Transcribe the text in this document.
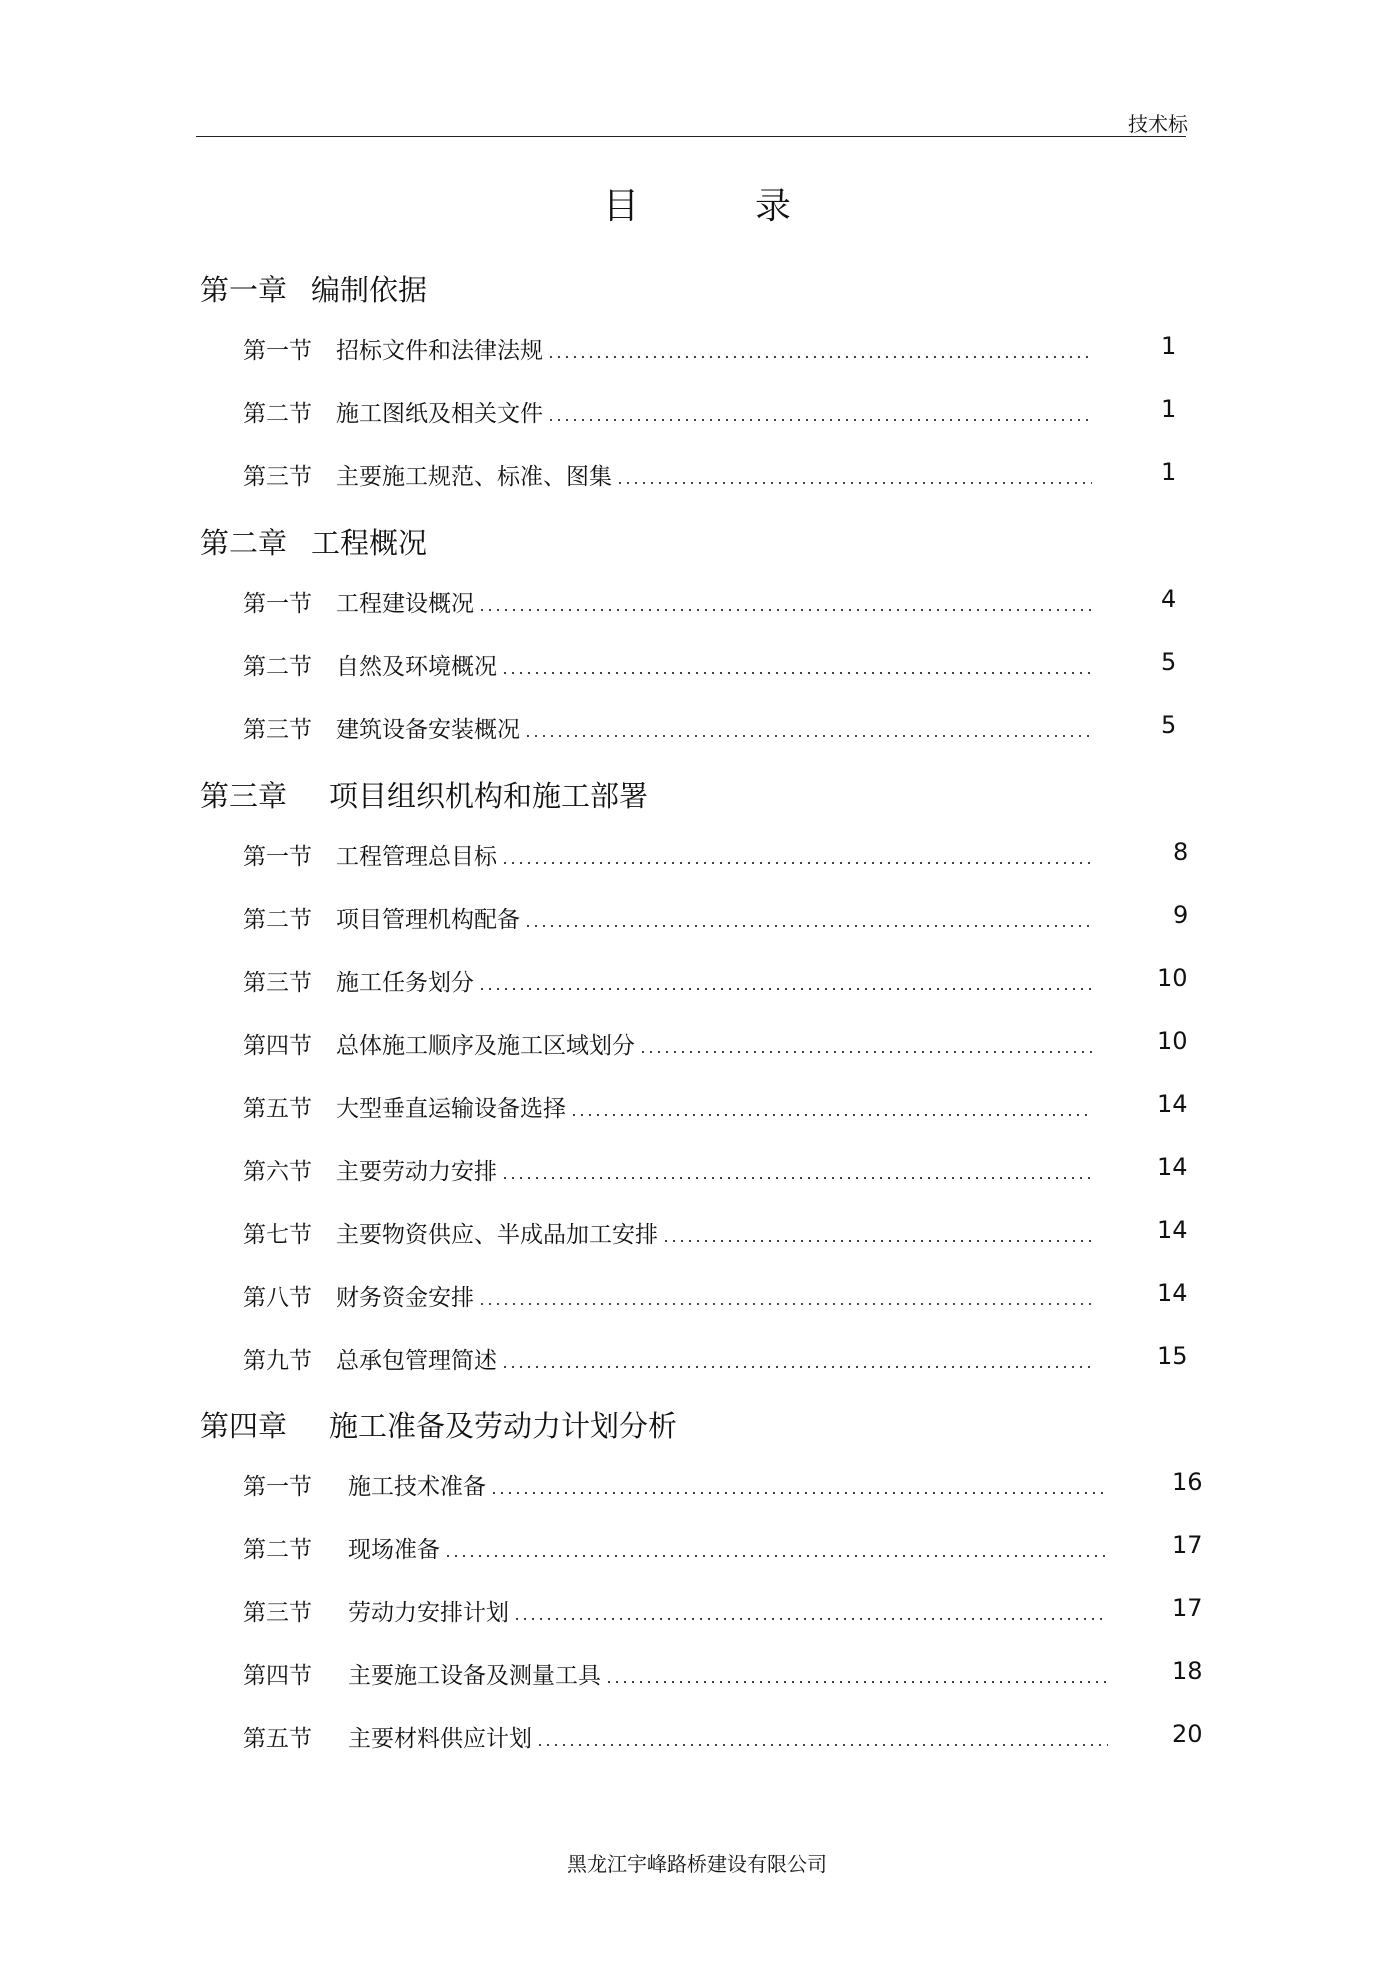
技术标
目　录
第一章 编制依据
第一节 招标文件和法律法规	1
第二节 施工图纸及相关文件	1
第三节 主要施工规范、标准、图集	1
第二章 工程概况
第一节 工程建设概况	4
第二节 自然及环境概况	5
第三节 建筑设备安装概况	5
第三章 项目组织机构和施工部署
第一节 工程管理总目标	8
第二节 项目管理机构配备	9
第三节 施工任务划分	10
第四节 总体施工顺序及施工区域划分	10
第五节 大型垂直运输设备选择	14
第六节 主要劳动力安排	14
第七节 主要物资供应、半成品加工安排	14
第八节 财务资金安排	14
第九节 总承包管理简述	15
第四章 施工准备及劳动力计划分析
第一节 施工技术准备	16
第二节 现场准备	17
第三节 劳动力安排计划	17
第四节 主要施工设备及测量工具	18
第五节 主要材料供应计划	20
黑龙江宇峰路桥建设有限公司
